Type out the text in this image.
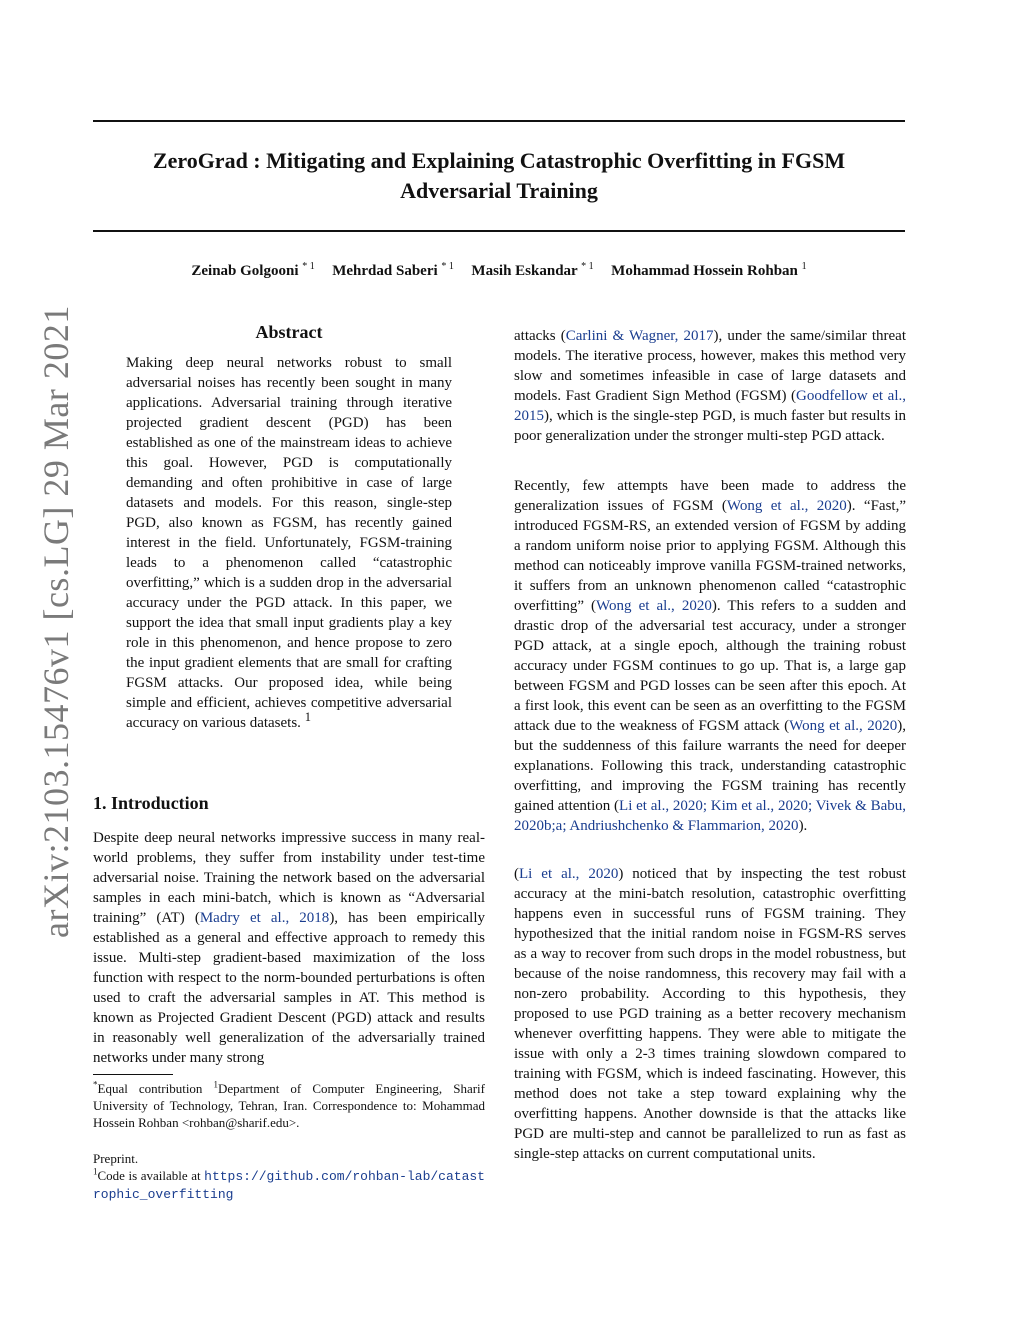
arXiv:2103.15476v1 [cs.LG] 29 Mar 2021
ZeroGrad : Mitigating and Explaining Catastrophic Overfitting in FGSM
Adversarial Training
Zeinab Golgooni $^{* 1}$ Mehrdad Saberi $^{* 1}$ Masih Eskandar $^{* 1}$ Mohammad Hossein Rohban $^1$
Abstract
Making deep neural networks robust to small adversarial noises has recently been sought in many applications. Adversarial training through iterative projected gradient descent (PGD) has been established as one of the mainstream ideas to achieve this goal. However, PGD is computationally demanding and often prohibitive in case of large datasets and models. For this reason, single-step PGD, also known as FGSM, has recently gained interest in the field. Unfortunately, FGSM-training leads to a phenomenon called “catastrophic overfitting,” which is a sudden drop in the adversarial accuracy under the PGD attack. In this paper, we support the idea that small input gradients play a key role in this phenomenon, and hence propose to zero the input gradient elements that are small for crafting FGSM attacks. Our proposed idea, while being simple and efficient, achieves competitive adversarial accuracy on various datasets. $^1$
1. Introduction

Despite deep neural networks impressive success in many real-world problems, they suffer from instability under test-time adversarial noise. Training the network based on the adversarial samples in each mini-batch, which is known as “Adversarial training” (AT) (Madry et al., 2018), has been empirically established as a general and effective approach to remedy this issue. Multi-step gradient-based maximization of the loss function with respect to the norm-bounded perturbations is often used to craft the adversarial samples in AT. This method is known as Projected Gradient Descent (PGD) attack and results in reasonably well generalization of the adversarially trained networks under many strong

*Equal contribution $^1$Department of Computer Engineering, Sharif University of Technology, Tehran, Iran. Correspondence to: Mohammad Hossein Rohban <rohban@sharif.edu>.
Preprint.
$^1$Code is available at https://github.com/rohban-lab/catastrophic_overfitting

attacks (Carlini & Wagner, 2017), under the same/similar threat models. The iterative process, however, makes this method very slow and sometimes infeasible in case of large datasets and models. Fast Gradient Sign Method (FGSM) (Goodfellow et al., 2015), which is the single-step PGD, is much faster but results in poor generalization under the stronger multi-step PGD attack.

Recently, few attempts have been made to address the generalization issues of FGSM (Wong et al., 2020). “Fast,” introduced FGSM-RS, an extended version of FGSM by adding a random uniform noise prior to applying FGSM. Although this method can noticeably improve vanilla FGSM-trained networks, it suffers from an unknown phenomenon called “catastrophic overfitting” (Wong et al., 2020). This refers to a sudden and drastic drop of the adversarial test accuracy, under a stronger PGD attack, at a single epoch, although the training robust accuracy under FGSM continues to go up. That is, a large gap between FGSM and PGD losses can be seen after this epoch. At a first look, this event can be seen as an overfitting to the FGSM attack due to the weakness of FGSM attack (Wong et al., 2020), but the suddenness of this failure warrants the need for deeper explanations. Following this track, understanding catastrophic overfitting, and improving the FGSM training has recently gained attention (Li et al., 2020; Kim et al., 2020; Vivek & Babu, 2020b;a; Andriushchenko & Flammarion, 2020).

(Li et al., 2020) noticed that by inspecting the test robust accuracy at the mini-batch resolution, catastrophic overfitting happens even in successful runs of FGSM training. They hypothesized that the initial random noise in FGSM-RS serves as a way to recover from such drops in the model robustness, but because of the noise randomness, this recovery may fail with a non-zero probability. According to this hypothesis, they proposed to use PGD training as a better recovery mechanism whenever overfitting happens. They were able to mitigate the issue with only a 2-3 times training slowdown compared to training with FGSM, which is indeed fascinating. However, this method does not take a step toward explaining why the overfitting happens. Another downside is that the attacks like PGD are multi-step and cannot be parallelized to run as fast as single-step attacks on current computational units.
